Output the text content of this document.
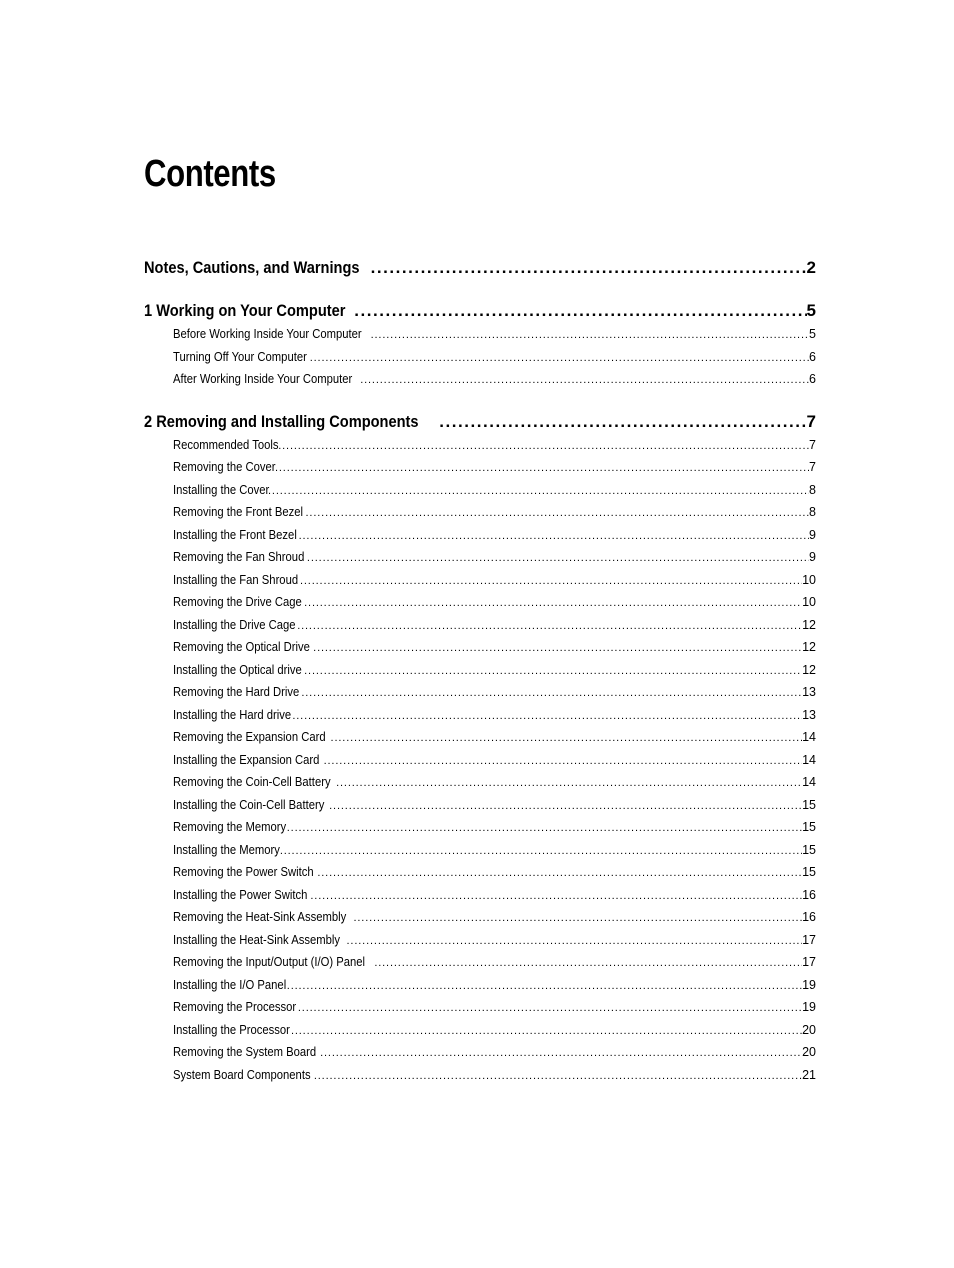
Contents
Notes, Cautions, and Warnings . . .	2
1 Working on Your Computer . . .	5
Before Working Inside Your Computer . . .	5
Turning Off Your Computer . . .	6
After Working Inside Your Computer . . .	6
2 Removing and Installing Components . . .	7
Recommended Tools . . .	7
Removing the Cover . . .	7
Installing the Cover . . .	8
Removing the Front Bezel . . .	8
Installing the Front Bezel . . .	9
Removing the Fan Shroud . . .	9
Installing the Fan Shroud . . .	10
Removing the Drive Cage . . .	10
Installing the Drive Cage . . .	12
Removing the Optical Drive . . .	12
Installing the Optical drive . . .	12
Removing the Hard Drive . . .	13
Installing the Hard drive . . .	13
Removing the Expansion Card . . .	14
Installing the Expansion Card . . .	14
Removing the Coin-Cell Battery . . .	14
Installing the Coin-Cell Battery . . .	15
Removing the Memory . . .	15
Installing the Memory . . .	15
Removing the Power Switch . . .	15
Installing the Power Switch . . .	16
Removing the Heat-Sink Assembly . . .	16
Installing the Heat-Sink Assembly . . .	17
Removing the Input/Output (I/O) Panel . . .	17
Installing the I/O Panel . . .	19
Removing the Processor . . .	19
Installing the Processor . . .	20
Removing the System Board . . .	20
System Board Components . . .	21
